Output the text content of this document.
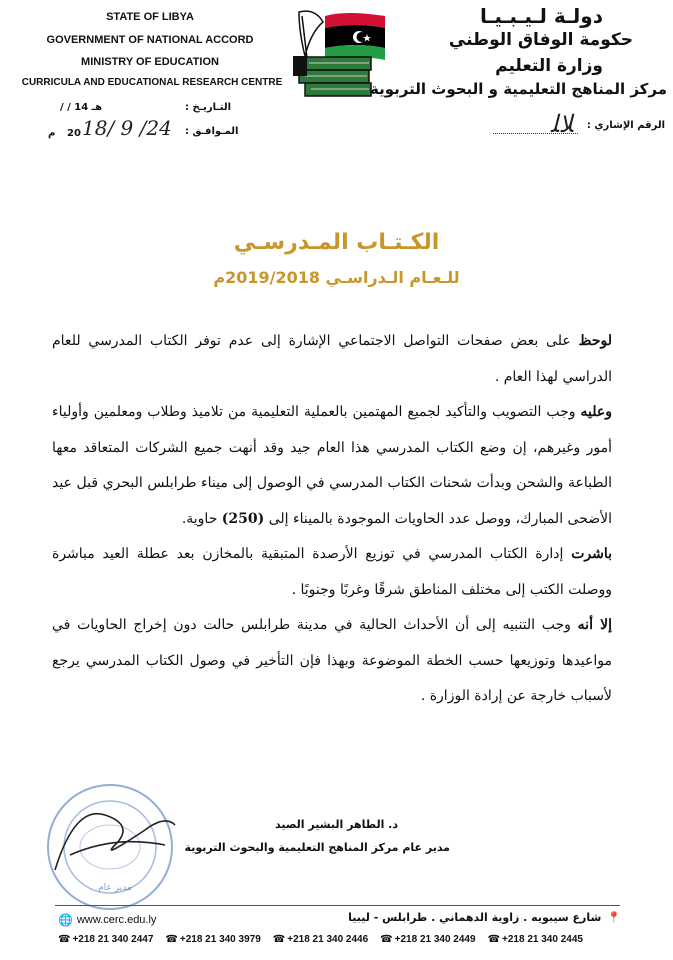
STATE OF LIBYA
GOVERNMENT OF NATIONAL ACCORD
MINISTRY OF EDUCATION
CURRICULA AND EDUCATIONAL RESEARCH CENTRE
دولـة لـيـبـيـا
حكومة الوفاق الوطني
وزارة التعليم
مركز المناهج التعليمية و البحوث التربوية
التـاريـخ :
/ / 14 هـ
المـوافـق :
م 20 18/ 9 /24	الرقم الإشاري :
ﻼﻠ
الكـتـاب المـدرسـي
للـعـام الـدراسـي 2019/2018م

لوحظ على بعض صفحات التواصل الاجتماعي الإشارة إلى عدم توفر الكتاب المدرسي للعام الدراسي لهذا العام .

وعليه وجب التصويب والتأكيد لجميع المهتمين بالعملية التعليمية من تلاميذ وطلاب ومعلمين وأولياء أمور وغيرهم، إن وضع الكتاب المدرسي هذا العام جيد وقد أنهت جميع الشركات المتعاقد معها الطباعة والشحن وبدأت شحنات الكتاب المدرسي في الوصول إلى ميناء طرابلس البحري قبل عيد الأضحى المبارك، ووصل عدد الحاويات الموجودة بالميناء إلى (250) حاوية.

باشرت إدارة الكتاب المدرسي في توزيع الأرصدة المتبقية بالمخازن بعد عطلة العيد مباشرة ووصلت الكتب إلى مختلف المناطق شرقًا وغربًا وجنوبًا .

إلا أنه وجب التنبيه إلى أن الأحداث الحالية في مدينة طرابلس حالت دون إخراج الحاويات في مواعيدها وتوزيعها حسب الخطة الموضوعة وبهذا فإن التأخير في وصول الكتاب المدرسي يرجع لأسباب خارجة عن إرادة الوزارة .

مدير عام
د. الطاهر البشير الصيد
مدير عام مركز المناهج التعليمية والبحوث التربوية
📍
شارع سيبويه . زاوية الدهماني . طرابلس - ليبيا
🌐 www.cerc.edu.ly
☎ +218 21 340 2447 ☎ +218 21 340 3979 ☎ +218 21 340 2446 ☎ +218 21 340 2449 ☎ +218 21 340 2445
